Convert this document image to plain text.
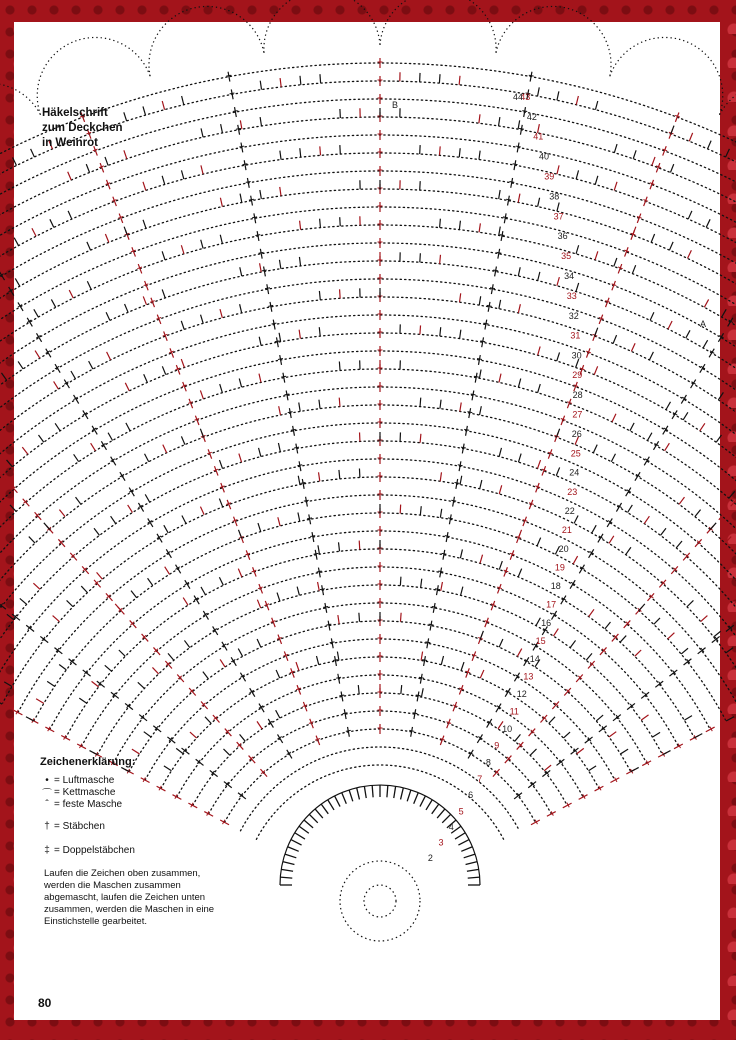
2
3
4
5
6
7
8
9
10
11
12
13
14
15
16
17
18
19
20
21
22
23
24
25
26
27
28
29
30
31
32
33
34
35
36
37
38
39
40
41
42
43
44
A
B
Häkelschrift
zum Deckchen
in Weinrot
Zeichenerklärung:
• = Luftmasche
⌒ = Kettmasche
ˆ = feste Masche
† = Stäbchen
‡ = Doppelstäbchen
Laufen die Zeichen oben zusammen, werden die Maschen zusammen abgemascht, laufen die Zeichen unten zusammen, werden die Maschen in eine Einstichstelle gearbeitet.
80
